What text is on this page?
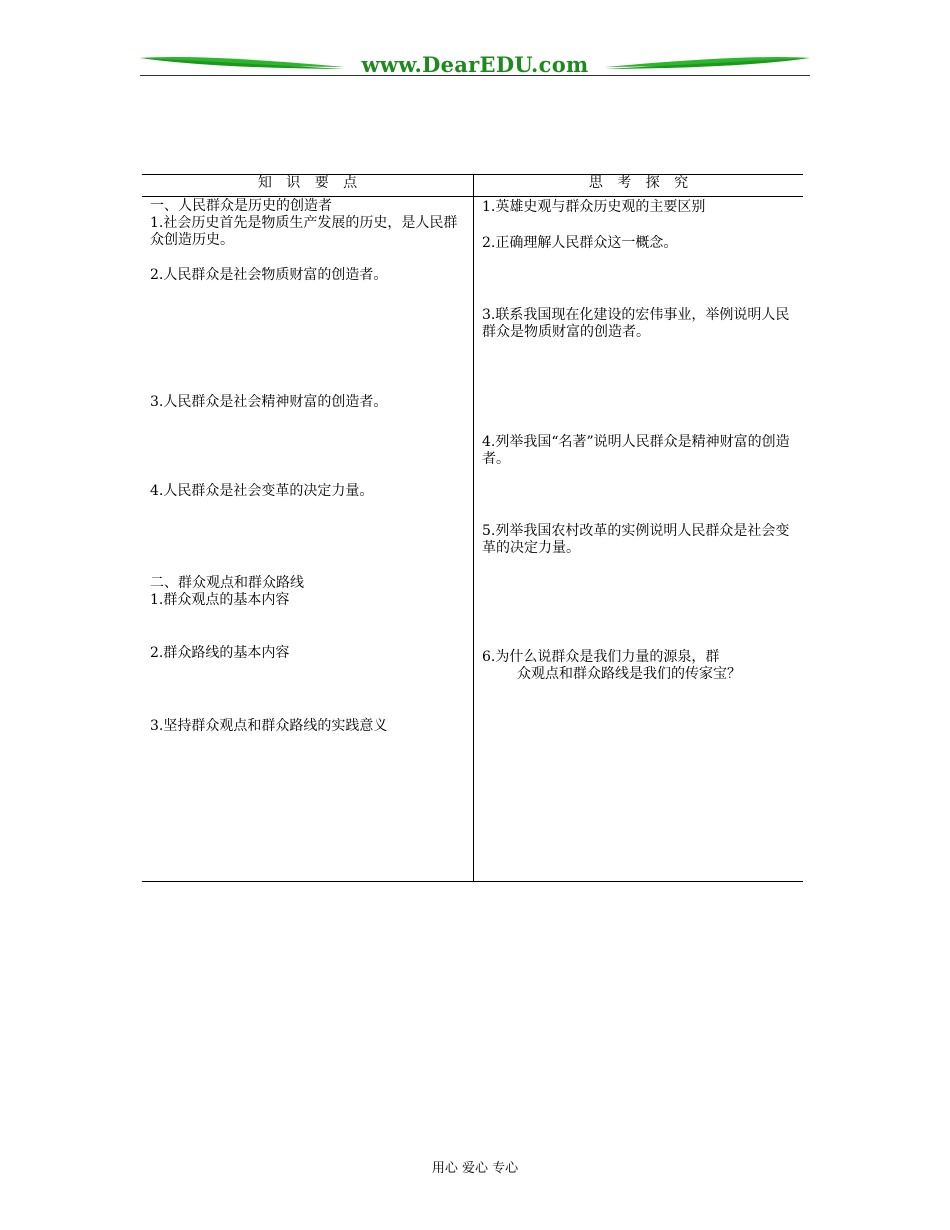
www.DearEDU.com
知 识 要 点	思 考 探 究
一、人民群众是历史的创造者
1.社会历史首先是物质生产发展的历史，是人民群众创造历史。
2.人民群众是社会物质财富的创造者。
3.人民群众是社会精神财富的创造者。
4.人民群众是社会变革的决定力量。
二、群众观点和群众路线
1.群众观点的基本内容
2.群众路线的基本内容
3.坚持群众观点和群众路线的实践意义
1.英雄史观与群众历史观的主要区别
2.正确理解人民群众这一概念。
3.联系我国现在化建设的宏伟事业，举例说明人民群众是物质财富的创造者。
4.列举我国“名著”说明人民群众是精神财富的创造者。
5.列举我国农村改革的实例说明人民群众是社会变革的决定力量。
6.为什么说群众是我们力量的源泉，群
众观点和群众路线是我们的传家宝？
用心 爱心 专心
